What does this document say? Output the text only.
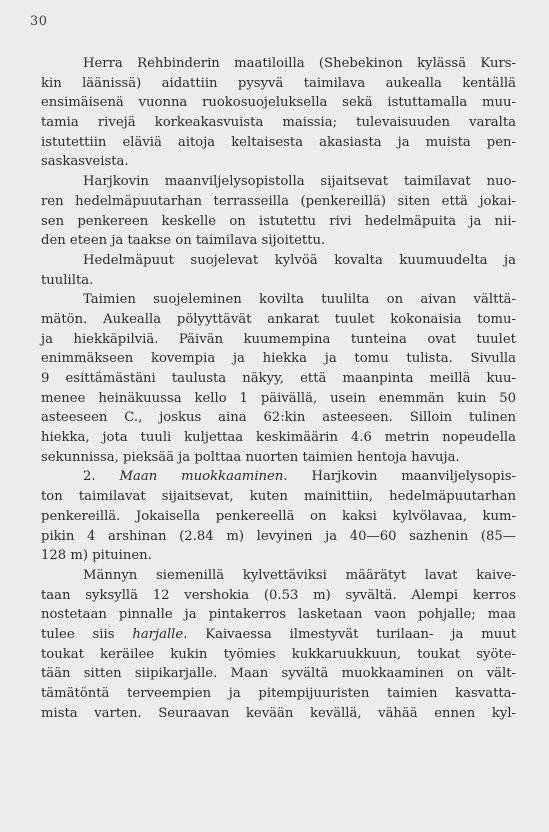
30
Herra Rehbinderin maatiloilla (Shebekinon kylässä Kurs-
kin läänissä) aidattiin pysyvä taimilava aukealla kentällä
ensimäisenä vuonna ruokosuojeluksella sekä istuttamalla muu-
tamia rivejä korkeakasvuista maissia; tulevaisuuden varalta
istutettiin eläviä aitoja keltaisesta akasiasta ja muista pen-
saskasveista.
Harjkovin maanviljelysopistolla sijaitsevat taimilavat nuo-
ren hedelmäpuutarhan terrasseilla (penkereillä) siten että jokai-
sen penkereen keskelle on istutettu rivi hedelmäpuita ja nii-
den eteen ja taakse on taimilava sijoitettu.
Hedelmäpuut suojelevat kylvöä kovalta kuumuudelta ja
tuulilta.
Taimien suojeleminen kovilta tuulilta on aivan välttä-
mätön. Aukealla pölyyttävät ankarat tuulet kokonaisia tomu-
ja hiekkäpilviä. Päivän kuumempina tunteina ovat tuulet
enimmäkseen kovempia ja hiekka ja tomu tulista. Sivulla
9 esittämästäni taulusta näkyy, että maanpinta meillä kuu-
menee heinäkuussa kello 1 päivällä, usein enemmän kuin 50
asteeseen C., joskus aina 62:kin asteeseen. Silloin tulinen
hiekka, jota tuuli kuljettaa keskimäärin 4.6 metrin nopeudella
sekunnissa, pieksää ja polttaa nuorten taimien hentoja havuja.
2. Maan muokkaaminen. Harjkovin maanviljelysopis-
ton taimilavat sijaitsevat, kuten mainittiin, hedelmäpuutarhan
penkereillä. Jokaisella penkereellä on kaksi kylvölavaa, kum-
pikin 4 arshinan (2.84 m) levyinen ja 40—60 sazhenin (85—
128 m) pituinen.
Männyn siemenillä kylvettäviksi määrätyt lavat kaive-
taan syksyllä 12 vershokia (0.53 m) syvältä. Alempi kerros
nostetaan pinnalle ja pintakerros lasketaan vaon pohjalle; maa
tulee siis harjalle. Kaivaessa ilmestyvät turilaan- ja muut
toukat keräilee kukin työmies kukkaruukkuun, toukat syöte-
tään sitten siipikarjalle. Maan syvältä muokkaaminen on vält-
tämätöntä terveempien ja pitempijuuristen taimien kasvatta-
mista varten. Seuraavan kevään kevällä, vähää ennen kyl-
